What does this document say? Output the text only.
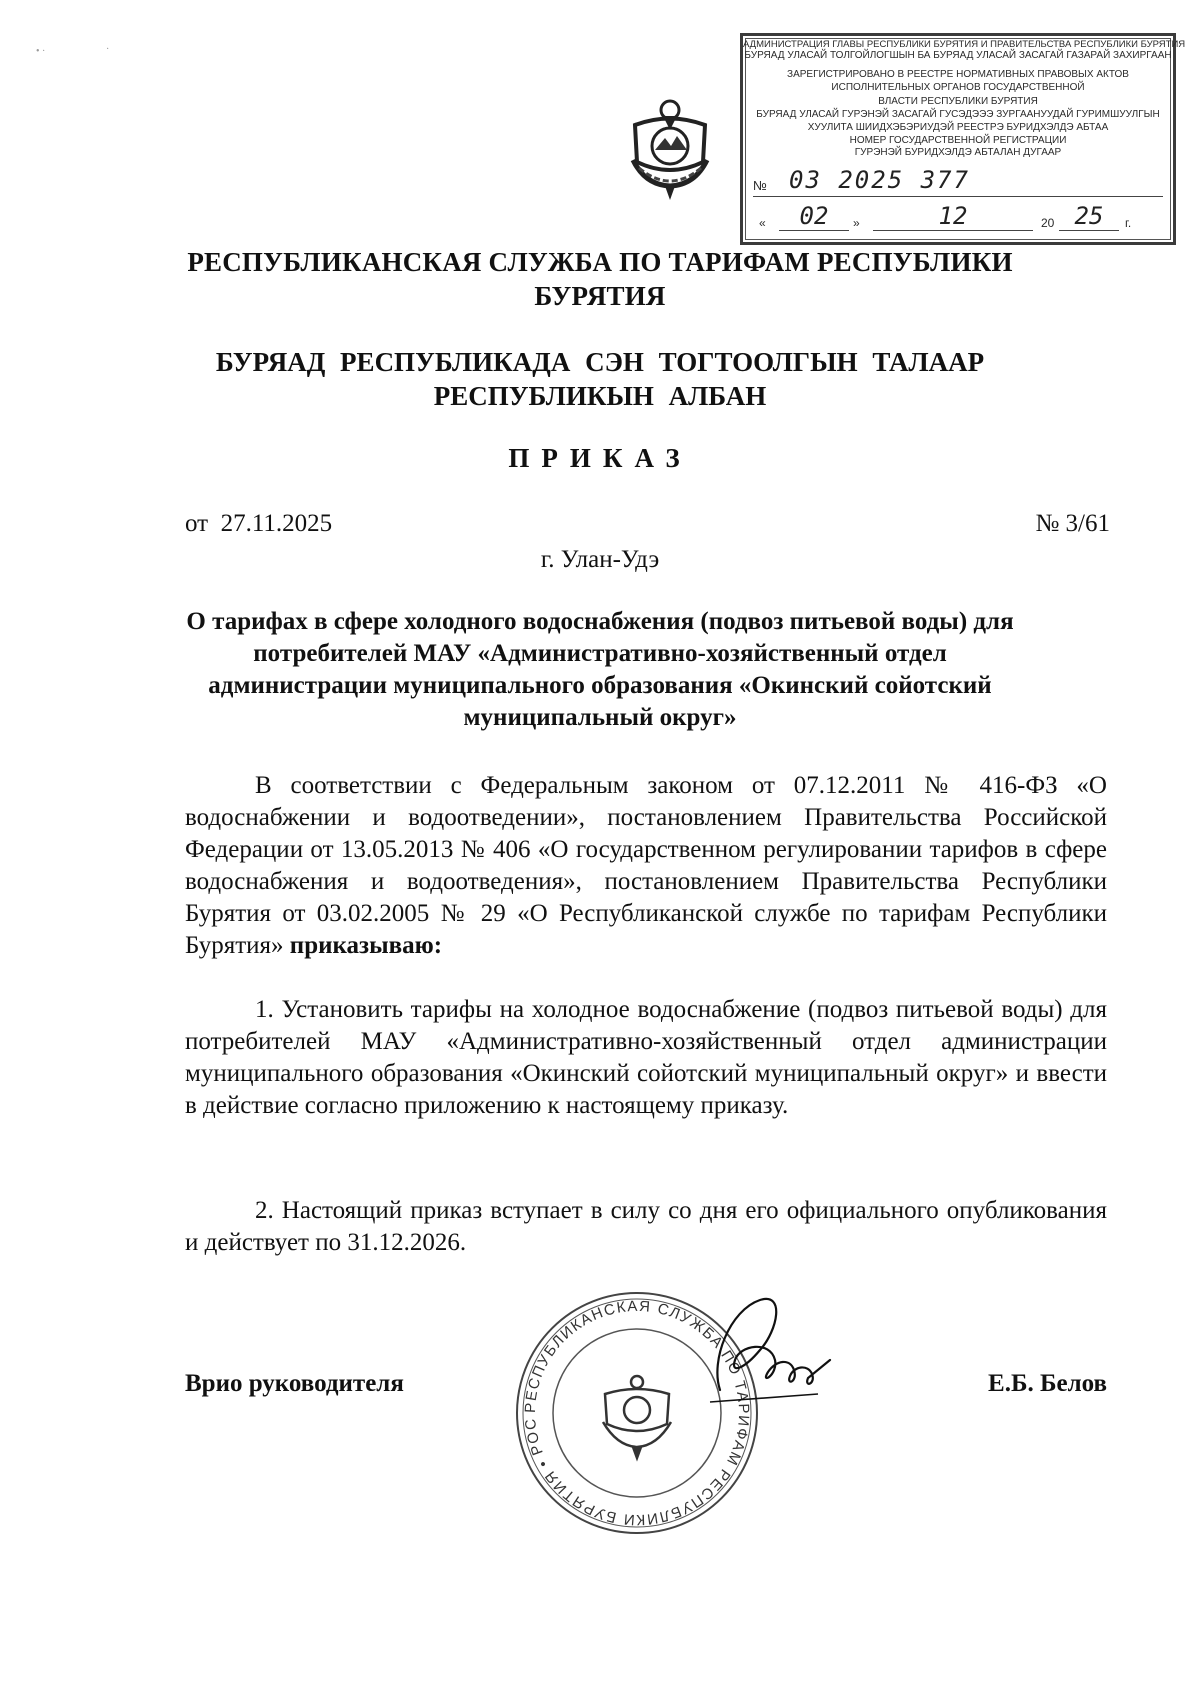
• ·	·	АДМИНИСТРАЦИЯ ГЛАВЫ РЕСПУБЛИКИ БУРЯТИЯ И ПРАВИТЕЛЬСТВА РЕСПУБЛИКИ БУРЯТИЯ
БУРЯАД УЛАСАЙ ТОЛГОЙЛОГШЫН БА БУРЯАД УЛАСАЙ ЗАСАГАЙ ГАЗАРАЙ ЗАХИРГААН
ЗАРЕГИСТРИРОВАНО В РЕЕСТРЕ НОРМАТИВНЫХ ПРАВОВЫХ АКТОВ
ИСПОЛНИТЕЛЬНЫХ ОРГАНОВ ГОСУДАРСТВЕННОЙ
ВЛАСТИ РЕСПУБЛИКИ БУРЯТИЯ
БУРЯАД УЛАСАЙ ГУРЭНЭЙ ЗАСАГАЙ ГУСЭДЭЭЭ ЗУРГААНУУДАЙ ГУРИМШУУЛГЫН
ХУУЛИТА ШИИДХЭБЭРИУДЭЙ РЕЕСТРЭ БУРИДХЭЛДЭ АБТАА
НОМЕР ГОСУДАРСТВЕННОЙ РЕГИСТРАЦИИ
ГУРЭНЭЙ БУРИДХЭЛДЭ АБТАЛАН ДУГААР
№ 03 2025 377
«	02	»	12	20 25	г.
РЕСПУБЛИКАНСКАЯ СЛУЖБА ПО ТАРИФАМ РЕСПУБЛИКИ
БУРЯТИЯ
БУРЯАД РЕСПУБЛИКАДА СЭН ТОГТООЛГЫН ТАЛААР
РЕСПУБЛИКЫН АЛБАН
ПРИКАЗ
от  27.11.2025	№ 3/61
г. Улан-Удэ
О тарифах в сфере холодного водоснабжения (подвоз питьевой воды) для
потребителей МАУ «Административно-хозяйственный отдел
администрации муниципального образования «Окинский сойотский
муниципальный округ»
В соответствии с Федеральным законом от 07.12.2011 № 416-ФЗ «О водоснабжении и водоотведении», постановлением Правительства Российской Федерации от 13.05.2013 № 406 «О государственном регулировании тарифов в сфере водоснабжения и водоотведения», постановлением Правительства Республики Бурятия от 03.02.2005 № 29 «О Республиканской службе по тарифам Республики Бурятия» приказываю:
1. Установить тарифы на холодное водоснабжение (подвоз питьевой воды) для потребителей МАУ «Административно-хозяйственный отдел администрации муниципального образования «Окинский сойотский муниципальный округ» и ввести в действие согласно приложению к настоящему приказу.
2. Настоящий приказ вступает в силу со дня его официального опубликования и действует по 31.12.2026.
РЕСПУБЛИКАНСКАЯ СЛУЖБА ПО ТАРИФАМ РЕСПУБЛИКИ БУРЯТИЯ • РОС
Врио руководителя	Е.Б. Белов
